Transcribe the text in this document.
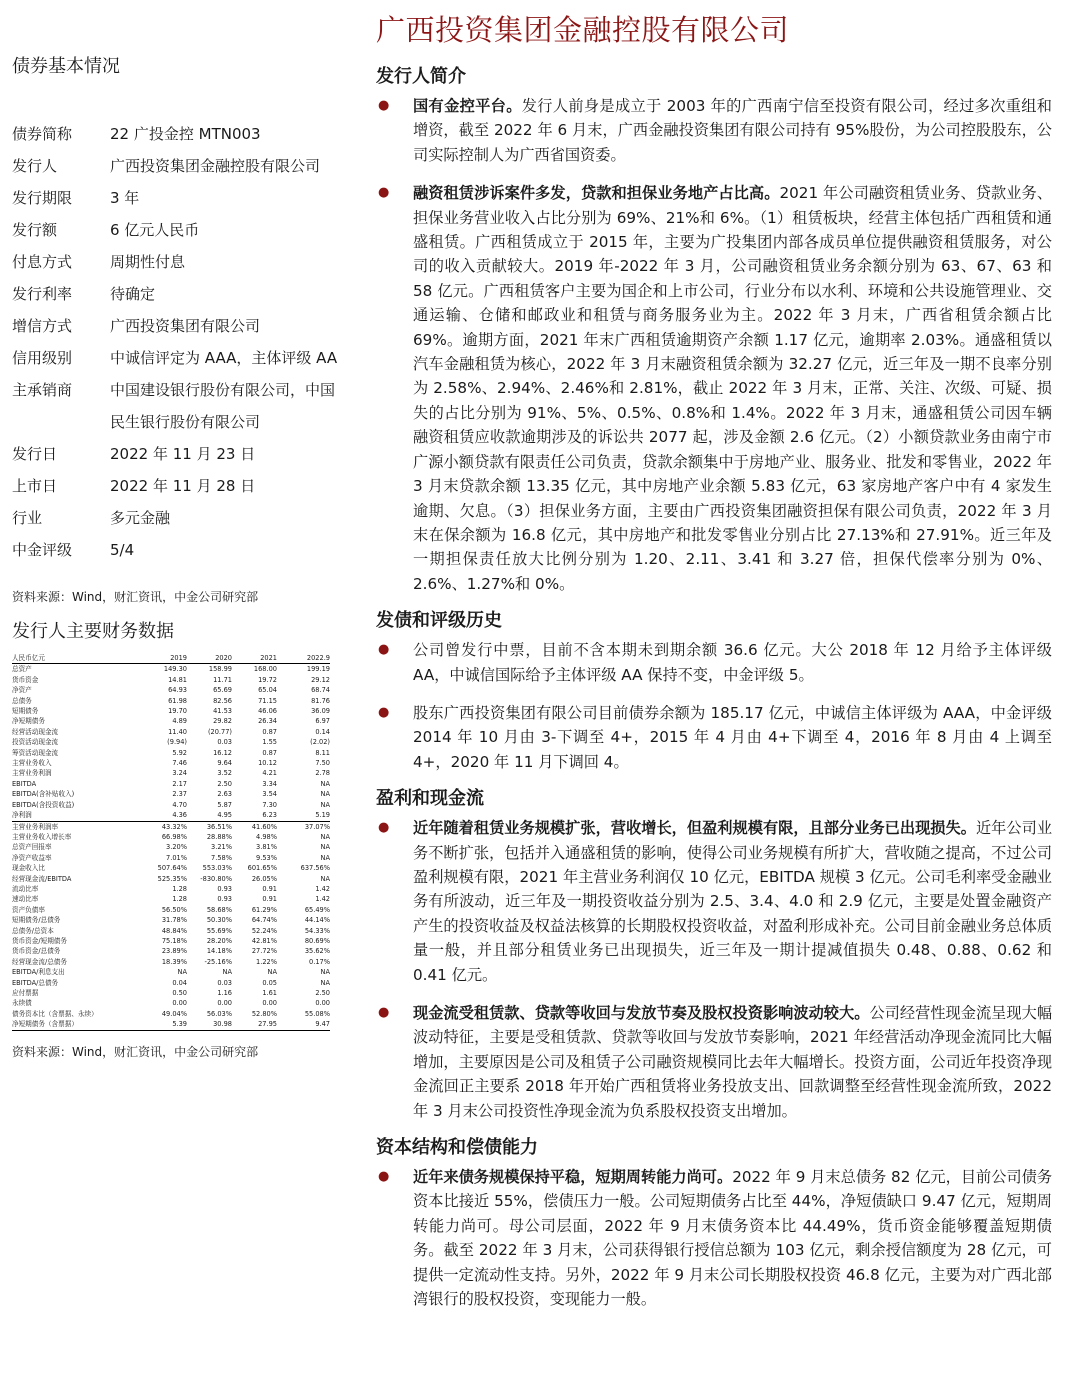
广西投资集团金融控股有限公司
债券基本情况
债券简称	22 广投金控 MTN003
发行人	广西投资集团金融控股有限公司
发行期限	3 年
发行额	6 亿元人民币
付息方式	周期性付息
发行利率	待确定
增信方式	广西投资集团有限公司
信用级别	中诚信评定为 AAA，主体评级 AA
主承销商	中国建设银行股份有限公司，中国民生银行股份有限公司
发行日	2022 年 11 月 23 日
上市日	2022 年 11 月 28 日
行业	多元金融
中金评级	5/4
资料来源：Wind，财汇资讯，中金公司研究部
发行人主要财务数据
人民币亿元	2019	2020	2021	2022.9
总资产	149.30	158.99	168.00	199.19
货币资金	14.81	11.71	19.72	29.12
净资产	64.93	65.69	65.04	68.74
总债务	61.98	82.56	71.15	81.76
短期债务	19.70	41.53	46.06	36.09
净短期债务	4.89	29.82	26.34	6.97
经营活动现金流	11.40	(20.77)	0.87	0.14
投资活动现金流	(9.94)	0.03	1.55	(2.02)
筹资活动现金流	5.92	16.12	0.87	8.11
主营业务收入	7.46	9.64	10.12	7.50
主营业务利润	3.24	3.52	4.21	2.78
EBITDA	2.17	2.50	3.34	NA
EBITDA(含补贴收入)	2.37	2.63	3.54	NA
EBITDA(含投资收益)	4.70	5.87	7.30	NA
净利润	4.36	4.95	6.23	5.19
主营业务利润率	43.32%	36.51%	41.60%	37.07%
主营业务收入增长率	66.98%	28.88%	4.98%	NA
总资产回报率	3.20%	3.21%	3.81%	NA
净资产收益率	7.01%	7.58%	9.53%	NA
现金收入比	507.64%	553.03%	601.65%	637.56%
经营现金流/EBITDA	525.35%	-830.80%	26.05%	NA
流动比率	1.28	0.93	0.91	1.42
速动比率	1.28	0.93	0.91	1.42
资产负债率	56.50%	58.68%	61.29%	65.49%
短期债务/总债务	31.78%	50.30%	64.74%	44.14%
总债务/总资本	48.84%	55.69%	52.24%	54.33%
货币资金/短期债务	75.18%	28.20%	42.81%	80.69%
货币资金/总债务	23.89%	14.18%	27.72%	35.62%
经营现金流/总债务	18.39%	-25.16%	1.22%	0.17%
EBITDA/利息支出	NA	NA	NA	NA
EBITDA/总债务	0.04	0.03	0.05	NA
应付票据	0.50	1.16	1.61	2.50
永续债	0.00	0.00	0.00	0.00
债务资本比（含票据、永续）	49.04%	56.03%	52.80%	55.08%
净短期债务（含票据）	5.39	30.98	27.95	9.47
资料来源：Wind，财汇资讯，中金公司研究部
发行人简介
● 国有金控平台。发行人前身是成立于 2003 年的广西南宁信至投资有限公司，经过多次重组和增资，截至 2022 年 6 月末，广西金融投资集团有限公司持有 95%股份，为公司控股股东，公司实际控制人为广西省国资委。
● 融资租赁涉诉案件多发，贷款和担保业务地产占比高。2021 年公司融资租赁业务、贷款业务、担保业务营业收入占比分别为 69%、21%和 6%。（1）租赁板块，经营主体包括广西租赁和通盛租赁。广西租赁成立于 2015 年，主要为广投集团内部各成员单位提供融资租赁服务，对公司的收入贡献较大。2019 年-2022 年 3 月，公司融资租赁业务余额分别为 63、67、63 和 58 亿元。广西租赁客户主要为国企和上市公司，行业分布以水利、环境和公共设施管理业、交通运输、仓储和邮政业和租赁与商务服务业为主。2022 年 3 月末，广西省租赁余额占比 69%。逾期方面，2021 年末广西租赁逾期资产余额 1.17 亿元，逾期率 2.03%。通盛租赁以汽车金融租赁为核心，2022 年 3 月末融资租赁余额为 32.27 亿元，近三年及一期不良率分别为 2.58%、2.94%、2.46%和 2.81%，截止 2022 年 3 月末，正常、关注、次级、可疑、损失的占比分别为 91%、5%、0.5%、0.8%和 1.4%。2022 年 3 月末，通盛租赁公司因车辆融资租赁应收款逾期涉及的诉讼共 2077 起，涉及金额 2.6 亿元。（2）小额贷款业务由南宁市广源小额贷款有限责任公司负责，贷款余额集中于房地产业、服务业、批发和零售业，2022 年 3 月末贷款余额 13.35 亿元，其中房地产业余额 5.83 亿元，63 家房地产客户中有 4 家发生逾期、欠息。（3）担保业务方面，主要由广西投资集团融资担保有限公司负责，2022 年 3 月末在保余额为 16.8 亿元，其中房地产和批发零售业分别占比 27.13%和 27.91%。近三年及一期担保责任放大比例分别为 1.20、2.11、3.41 和 3.27 倍，担保代偿率分别为 0%、2.6%、1.27%和 0%。
发债和评级历史
● 公司曾发行中票，目前不含本期未到期余额 36.6 亿元。大公 2018 年 12 月给予主体评级 AA，中诚信国际给予主体评级 AA 保持不变，中金评级 5。
● 股东广西投资集团有限公司目前债券余额为 185.17 亿元，中诚信主体评级为 AAA，中金评级 2014 年 10 月由 3-下调至 4+，2015 年 4 月由 4+下调至 4，2016 年 8 月由 4 上调至 4+，2020 年 11 月下调回 4。
盈利和现金流
● 近年随着租赁业务规模扩张，营收增长，但盈利规模有限，且部分业务已出现损失。近年公司业务不断扩张，包括并入通盛租赁的影响，使得公司业务规模有所扩大，营收随之提高，不过公司盈利规模有限，2021 年主营业务利润仅 10 亿元，EBITDA 规模 3 亿元。公司毛利率受金融业务有所波动，近三年及一期投资收益分别为 2.5、3.4、4.0 和 2.9 亿元，主要是处置金融资产产生的投资收益及权益法核算的长期股权投资收益，对盈利形成补充。公司目前金融业务总体质量一般，并且部分租赁业务已出现损失，近三年及一期计提减值损失 0.48、0.88、0.62 和 0.41 亿元。
● 现金流受租赁款、贷款等收回与发放节奏及股权投资影响波动较大。公司经营性现金流呈现大幅波动特征，主要是受租赁款、贷款等收回与发放节奏影响，2021 年经营活动净现金流同比大幅增加，主要原因是公司及租赁子公司融资规模同比去年大幅增长。投资方面，公司近年投资净现金流回正主要系 2018 年开始广西租赁将业务投放支出、回款调整至经营性现金流所致，2022 年 3 月末公司投资性净现金流为负系股权投资支出增加。
资本结构和偿债能力
● 近年来债务规模保持平稳，短期周转能力尚可。2022 年 9 月末总债务 82 亿元，目前公司债务资本比接近 55%，偿债压力一般。公司短期债务占比至 44%，净短债缺口 9.47 亿元，短期周转能力尚可。母公司层面，2022 年 9 月末债务资本比 44.49%，货币资金能够覆盖短期债务。截至 2022 年 3 月末，公司获得银行授信总额为 103 亿元，剩余授信额度为 28 亿元，可提供一定流动性支持。另外，2022 年 9 月末公司长期股权投资 46.8 亿元，主要为对广西北部湾银行的股权投资，变现能力一般。
